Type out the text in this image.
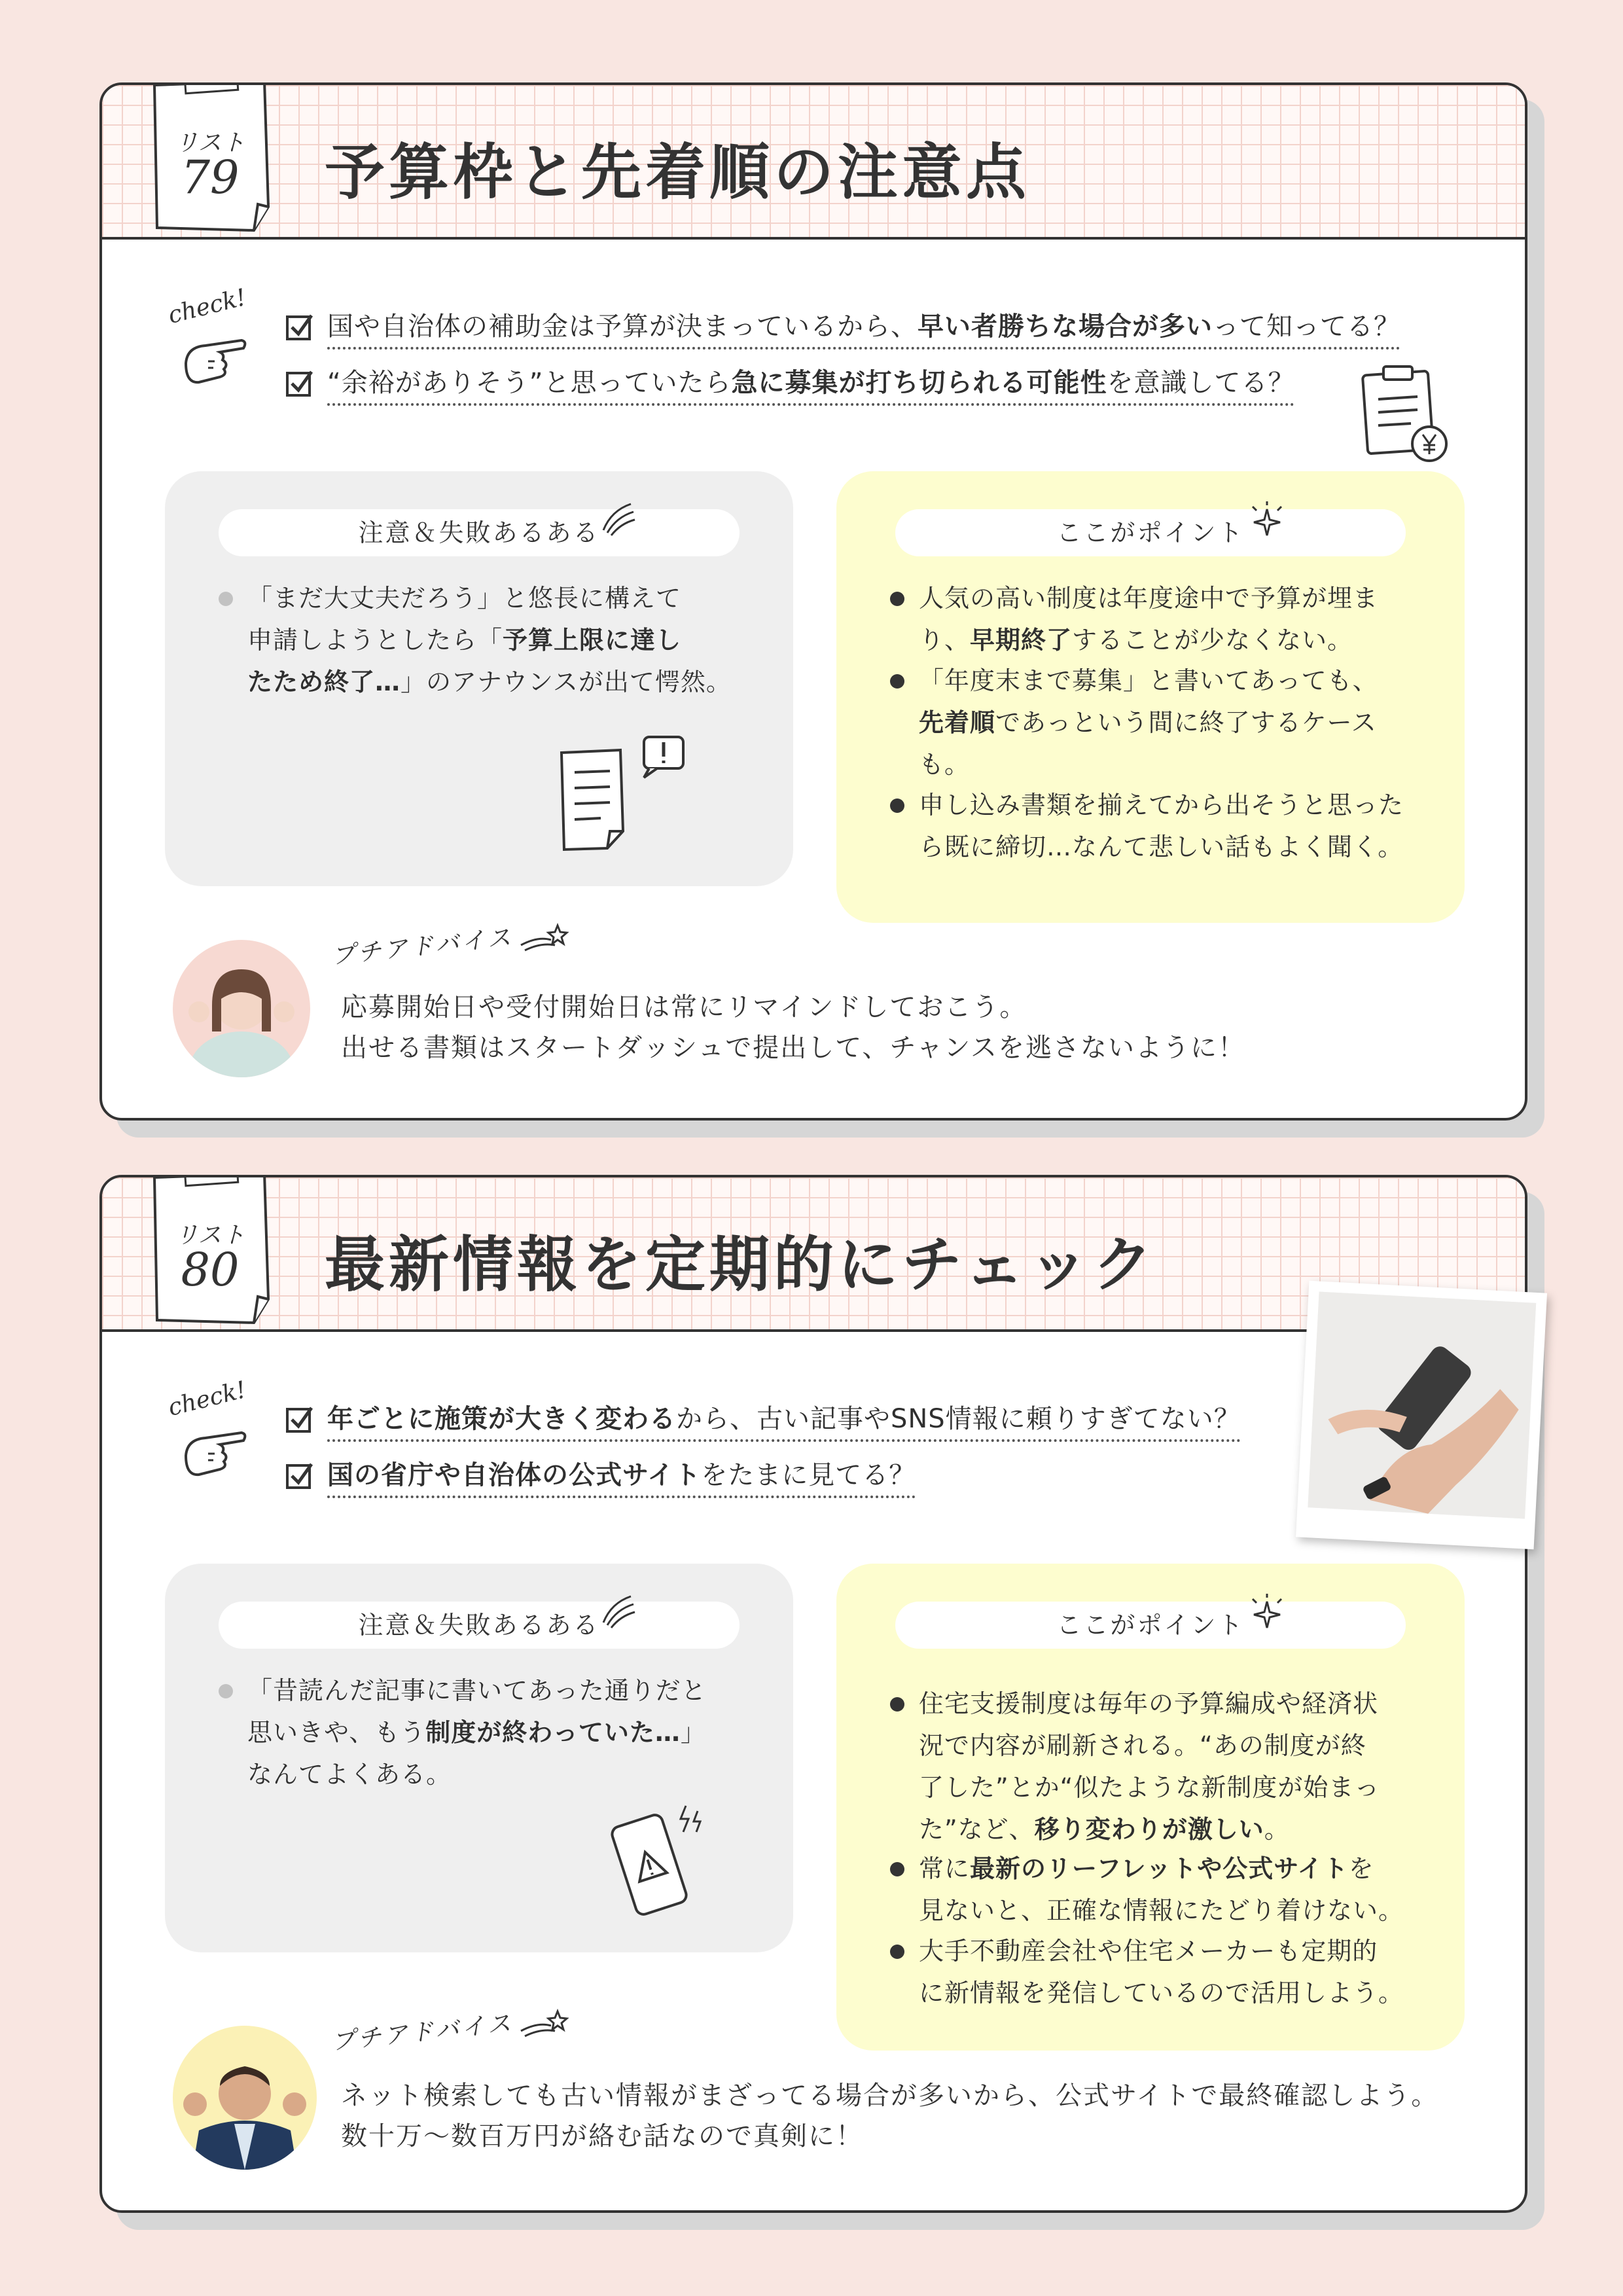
リスト
79	予算枠と先着順の注意点
check!	国や自治体の補助金は予算が決まっているから、早い者勝ちな場合が多いって知ってる？
“余裕がありそう”と思っていたら急に募集が打ち切られる可能性を意識してる？
注意＆失敗あるある
「まだ大丈夫だろう」と悠長に構えて
申請しようとしたら「予算上限に達し
たため終了…」のアナウンスが出て愕然。
ここがポイント
人気の高い制度は年度途中で予算が埋ま
り、早期終了することが少なくない。
「年度末まで募集」と書いてあっても、
先着順であっという間に終了するケース
も。
申し込み書類を揃えてから出そうと思った
ら既に締切…なんて悲しい話もよく聞く。
プチアドバイス
応募開始日や受付開始日は常にリマインドしておこう。
出せる書類はスタートダッシュで提出して、チャンスを逃さないように！
リスト
80	最新情報を定期的にチェック
check!	年ごとに施策が大きく変わるから、古い記事やSNS情報に頼りすぎてない？
国の省庁や自治体の公式サイトをたまに見てる？
注意＆失敗あるある
「昔読んだ記事に書いてあった通りだと
思いきや、もう制度が終わっていた…」
なんてよくある。
ここがポイント
住宅支援制度は毎年の予算編成や経済状
況で内容が刷新される。“あの制度が終
了した”とか“似たような新制度が始まっ
た”など、移り変わりが激しい。
常に最新のリーフレットや公式サイトを
見ないと、正確な情報にたどり着けない。
大手不動産会社や住宅メーカーも定期的
に新情報を発信しているので活用しよう。
プチアドバイス
ネット検索しても古い情報がまざってる場合が多いから、公式サイトで最終確認しよう。
数十万～数百万円が絡む話なので真剣に！
